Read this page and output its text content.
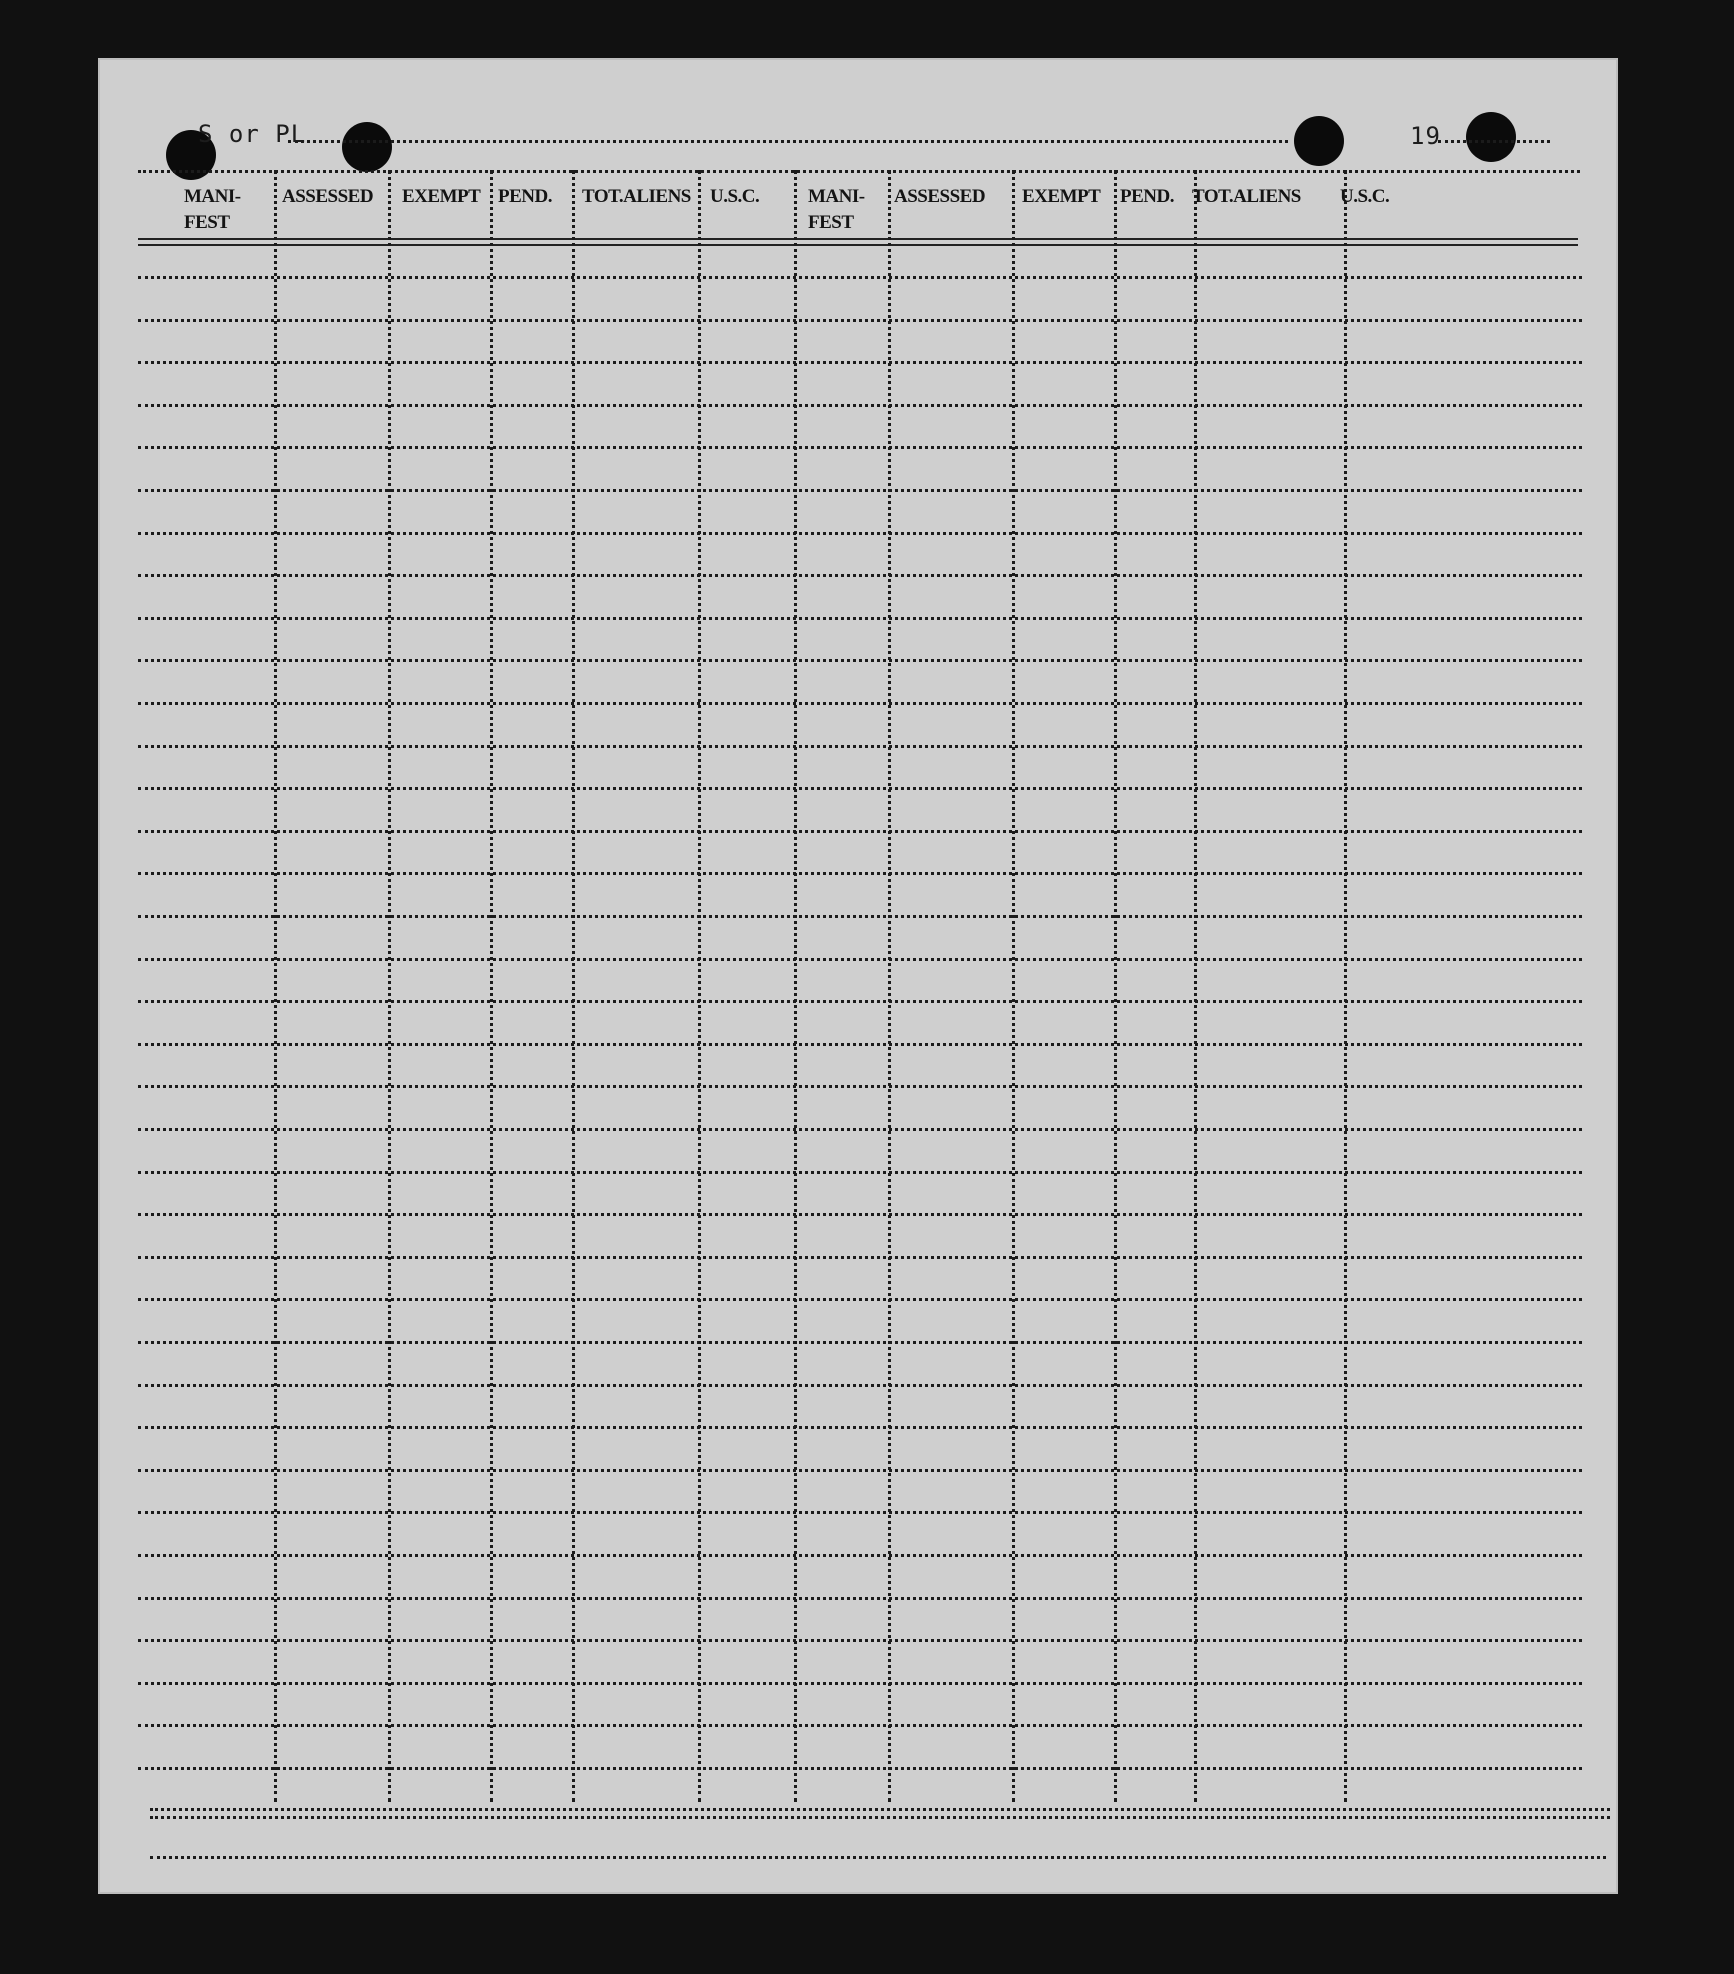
S or PL	19
MANI-
FEST
ASSESSED EXEMPT PEND. TOT.ALIENS U.S.C.	MANI-
FEST
ASSESSED EXEMPT PEND. TOT.ALIENS U.S.C.
